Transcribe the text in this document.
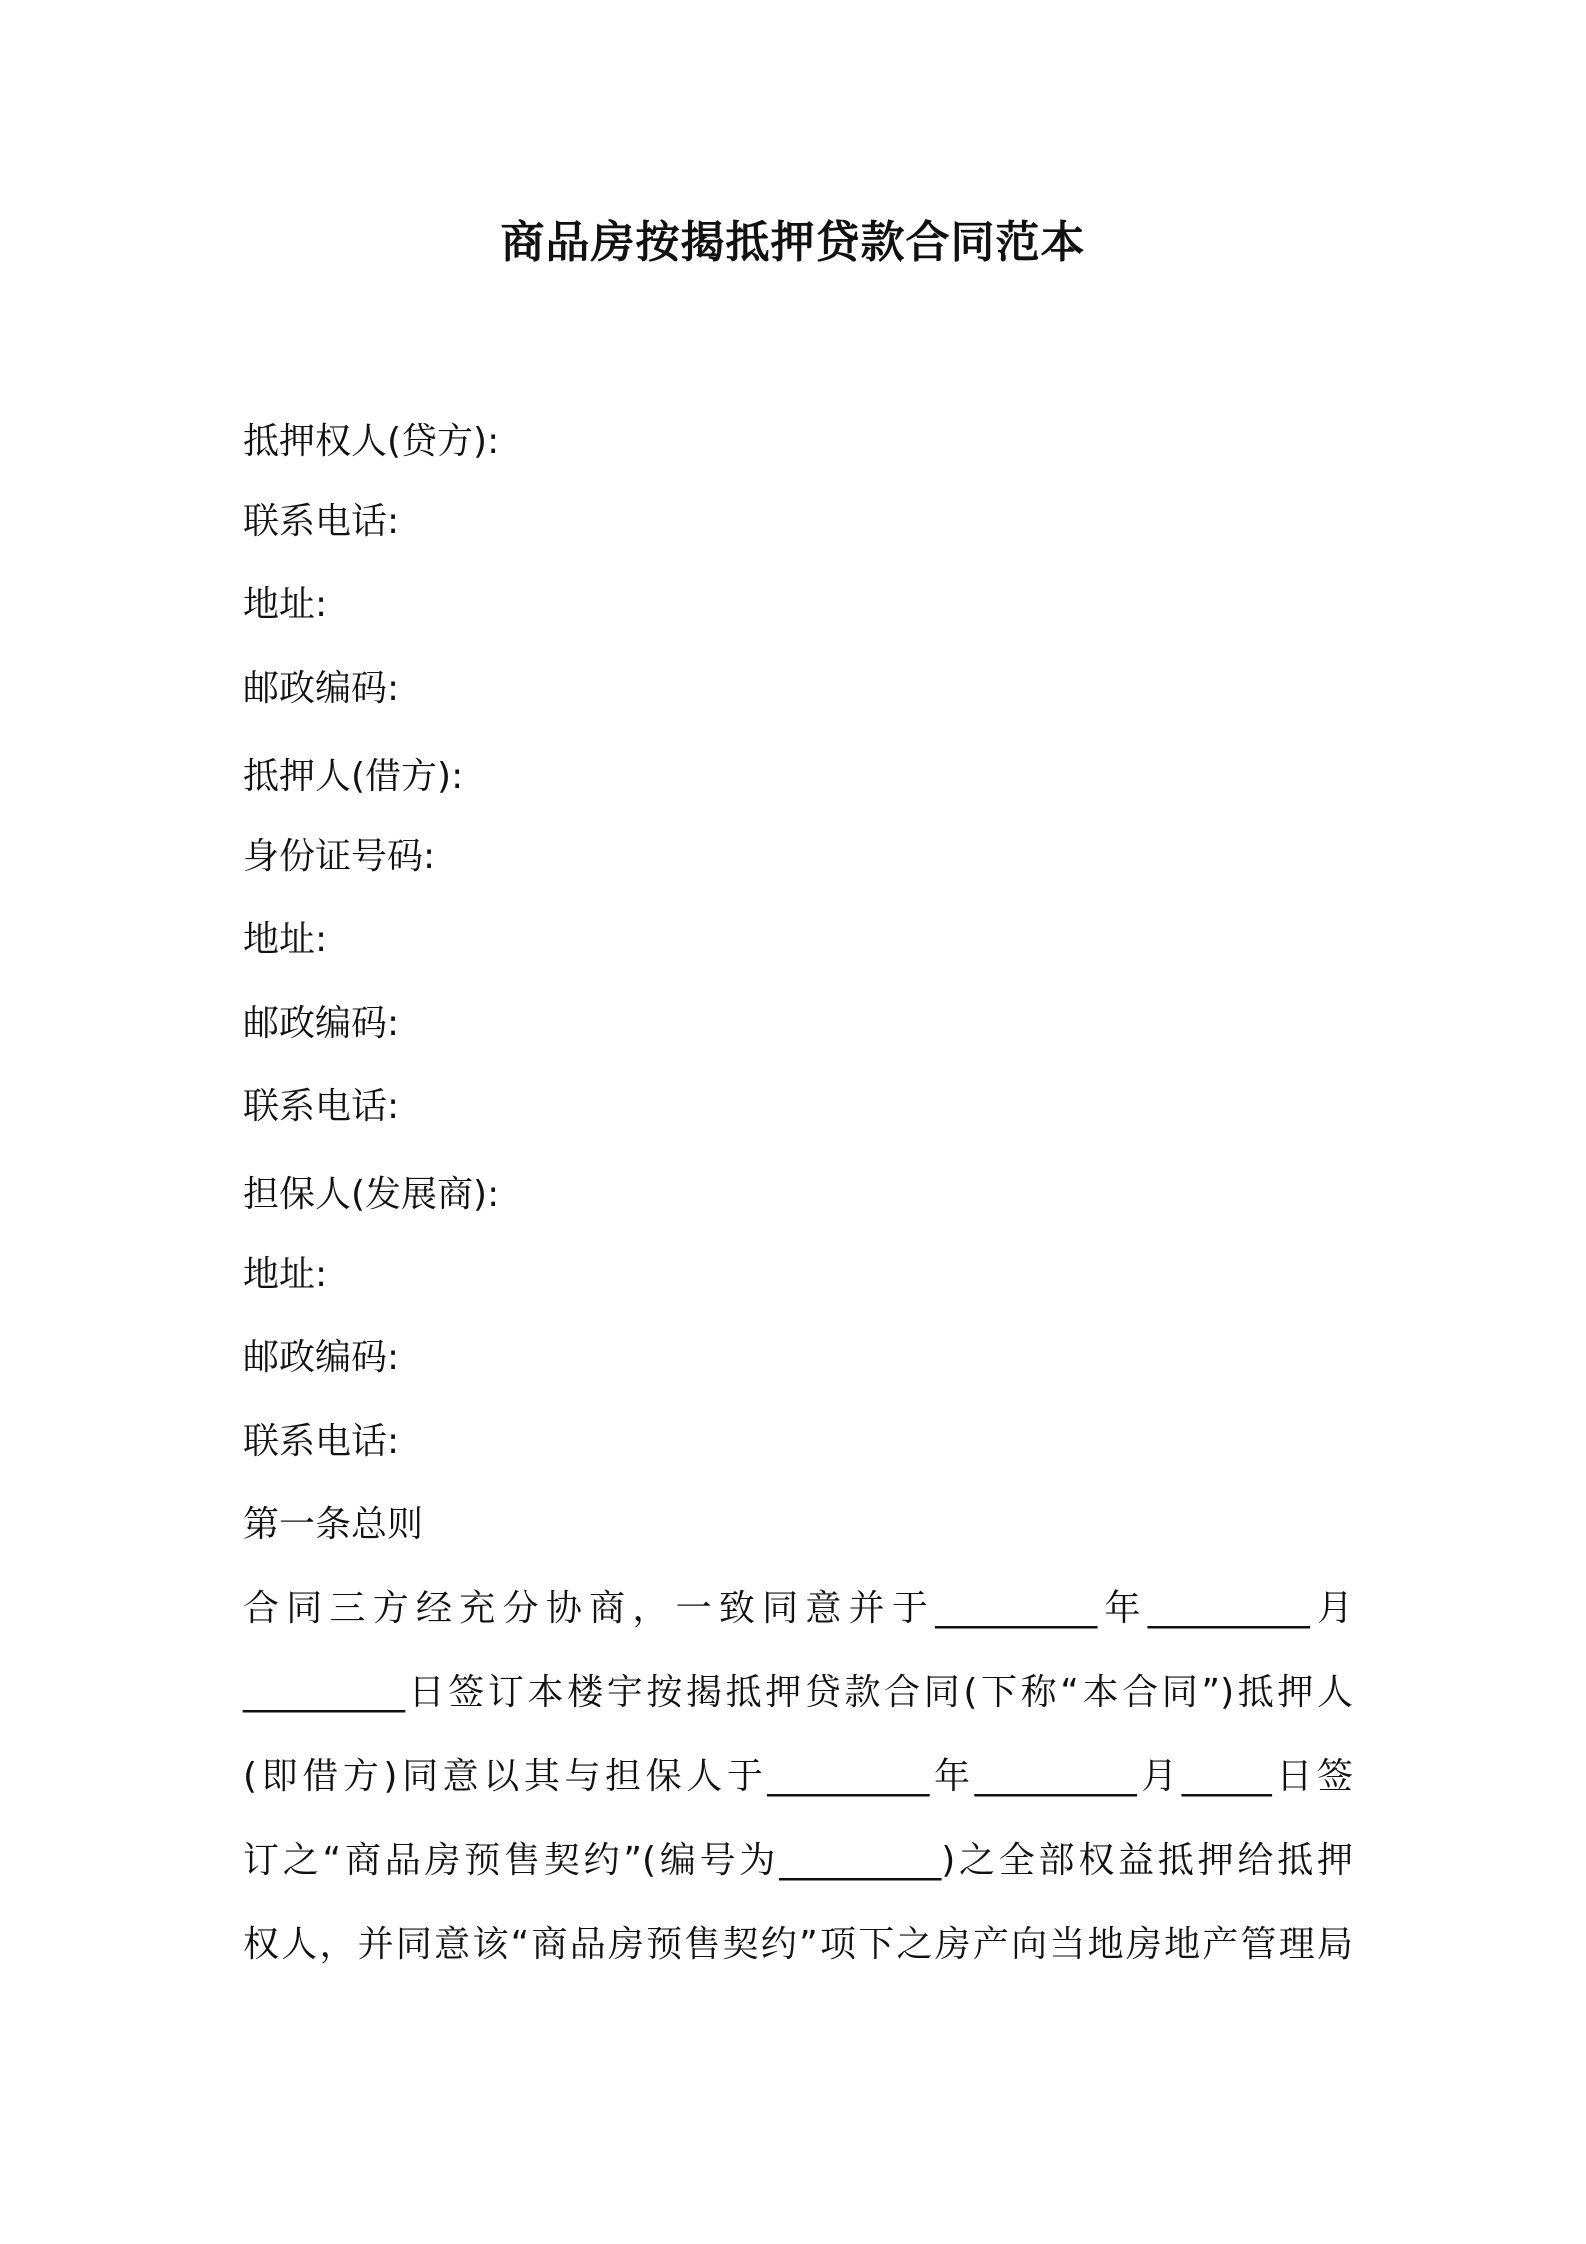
商品房按揭抵押贷款合同范本
抵押权人(贷方):
联系电话:
地址:
邮政编码:
抵押人(借方):
身份证号码:
地址:
邮政编码:
联系电话:
担保人(发展商):
地址:
邮政编码:
联系电话:
第一条总则
合同三方经充分协商，一致同意并于_________年_________月
_________日签订本楼宇按揭抵押贷款合同(下称“本合同”)抵押人
(即借方)同意以其与担保人于_________年_________月_____日签
订之“商品房预售契约”(编号为_________)之全部权益抵押给抵押
权人，并同意该“商品房预售契约”项下之房产向当地房地产管理局
